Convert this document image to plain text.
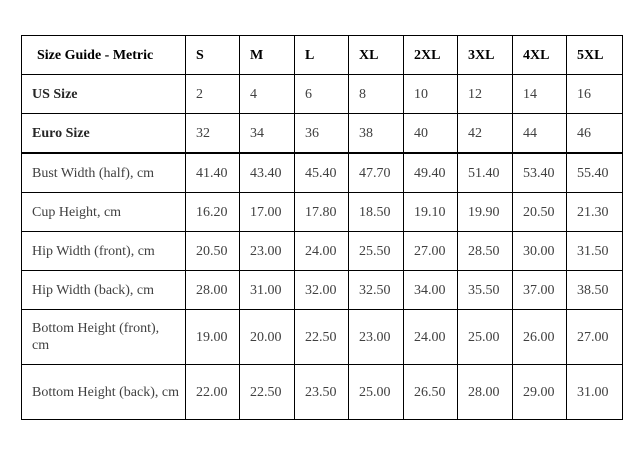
Size Guide - Metric	S	M	L	XL	2XL	3XL	4XL	5XL
US Size	2	4	6	8	10	12	14	16
Euro Size	32	34	36	38	40	42	44	46
Bust Width (half), cm	41.40	43.40	45.40	47.70	49.40	51.40	53.40	55.40
Cup Height, cm	16.20	17.00	17.80	18.50	19.10	19.90	20.50	21.30
Hip Width (front), cm	20.50	23.00	24.00	25.50	27.00	28.50	30.00	31.50
Hip Width (back), cm	28.00	31.00	32.00	32.50	34.00	35.50	37.00	38.50
Bottom Height (front), cm	19.00	20.00	22.50	23.00	24.00	25.00	26.00	27.00
Bottom Height (back), cm	22.00	22.50	23.50	25.00	26.50	28.00	29.00	31.00
